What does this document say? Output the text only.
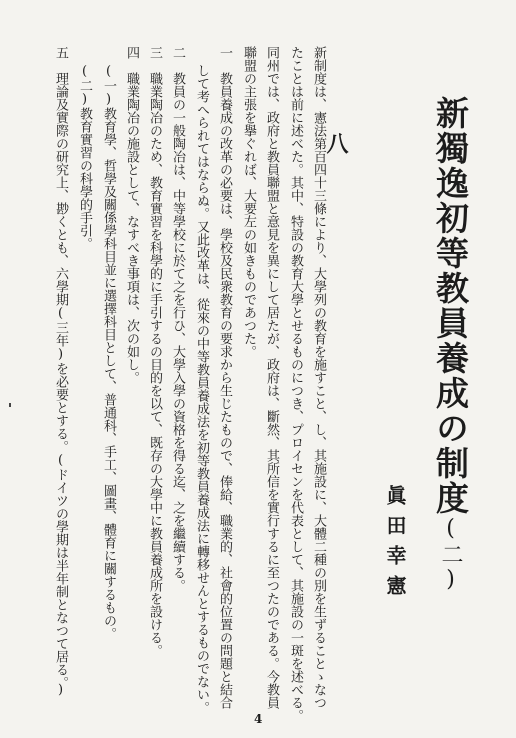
新獨逸初等教員養成の制度(二)
眞田幸憲
八
新制度は、憲法第百四十三條により、大學列の教育を施すこと、し、其施設に、大體二種の別を生ずることゝなつ
たことは前に述べた。其中、特設の教育大學とせるものにつき、プロイセンを代表として、其施設の一斑を述べる。
同州では、政府と教員聯盟と意見を異にして居たが、政府は、斷然、其所信を實行するに至つたのである。今教員
聯盟の主張を擧ぐれば、大要左の如きものであつた。
一　教員養成の改革の必要は、學校及民衆教育の要求から生じたもので、俸給、職業的、社會的位置の問題と結合
して考へられてはならぬ。又此改革は、從來の中等教員養成法を初等教員養成法に轉移せんとするものでない。
二　教員の一般陶冶は、中等學校に於て之を行ひ、大學入學の資格を得る迄、之を繼續する。
三　職業陶冶のため、教育實習を科學的に手引するの目的を以て、既存の大學中に教員養成所を設ける。
四　職業陶冶の施設として、なすべき事項は、次の如し。
(一)教育學、哲學及關係學科目並に選擇科目として、普通科、手工、圖畫、體育に關するもの。
(二)教育實習の科學的手引。
五　理論及實際の研究上、尠くとも、六學期(三年)を必要とする。(ドイツの學期は半年制となつて居る。)
4
